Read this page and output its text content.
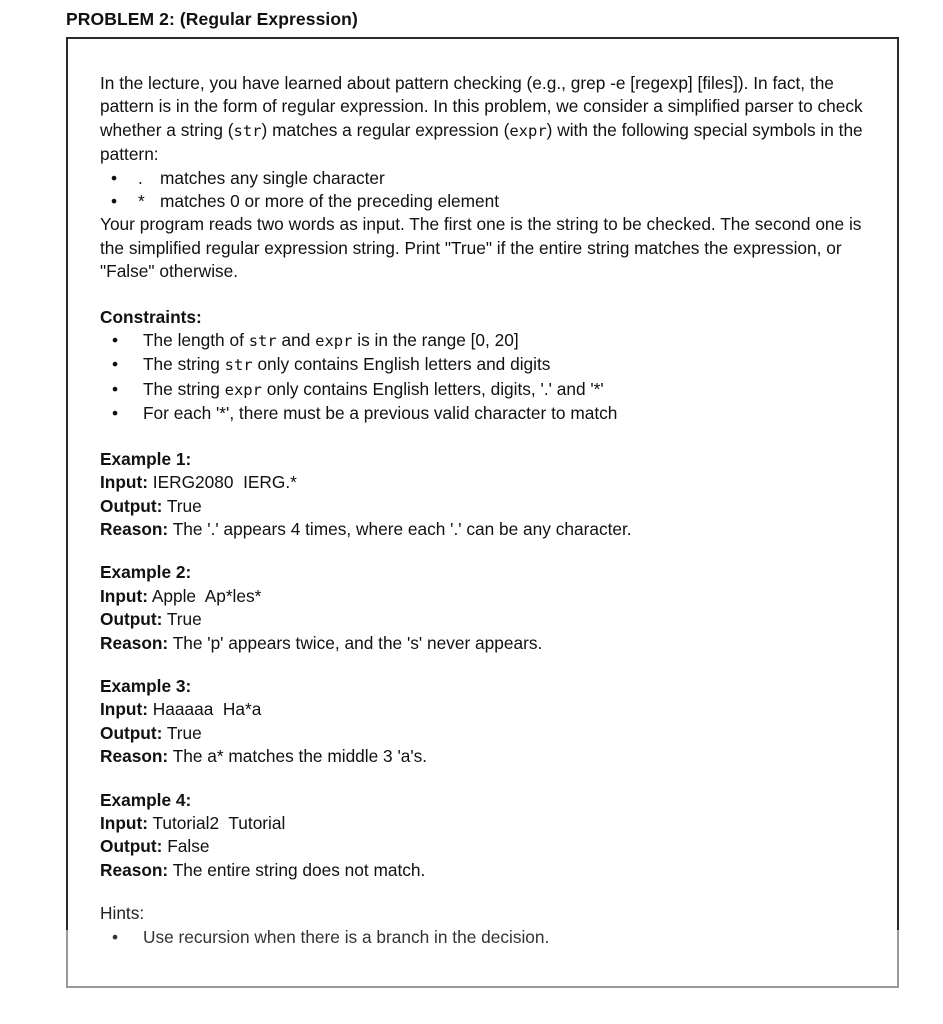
PROBLEM 2: (Regular Expression)

In the lecture, you have learned about pattern checking (e.g., grep -e [regexp] [files]). In fact, the pattern is in the form of regular expression. In this problem, we consider a simplified parser to check whether a string (str) matches a regular expression (expr) with the following special symbols in the pattern:

• . matches any single character
• * matches 0 or more of the preceding element

Your program reads two words as input. The first one is the string to be checked. The second one is the simplified regular expression string. Print "True" if the entire string matches the expression, or "False" otherwise.

Constraints:

• The length of str and expr is in the range [0, 20]
• The string str only contains English letters and digits
• The string expr only contains English letters, digits, '.' and '*'
• For each '*', there must be a previous valid character to match

Example 1:

Input: IERG2080  IERG.*

Output: True

Reason: The '.' appears 4 times, where each '.' can be any character.

Example 2:

Input: Apple  Ap*les*

Output: True

Reason: The 'p' appears twice, and the 's' never appears.

Example 3:

Input: Haaaaa  Ha*a

Output: True

Reason: The a* matches the middle 3 'a's.

Example 4:

Input: Tutorial2  Tutorial

Output: False

Reason: The entire string does not match.

Hints:

• Use recursion when there is a branch in the decision.
